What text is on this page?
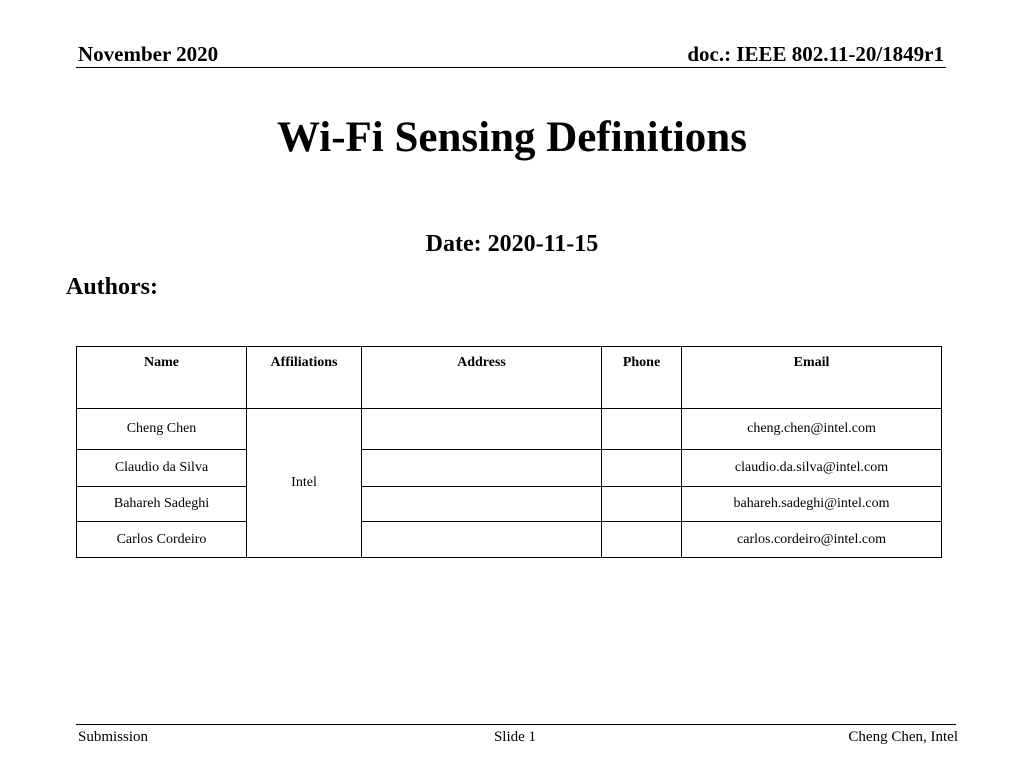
November 2020	doc.: IEEE 802.11-20/1849r1
Wi-Fi Sensing Definitions
Date: 2020-11-15
Authors:
Name	Affiliations	Address	Phone	Email
Cheng Chen	Intel			cheng.chen@intel.com
Claudio da Silva				claudio.da.silva@intel.com
Bahareh Sadeghi				bahareh.sadeghi@intel.com
Carlos Cordeiro				carlos.cordeiro@intel.com
Submission	Slide 1	Cheng Chen, Intel
